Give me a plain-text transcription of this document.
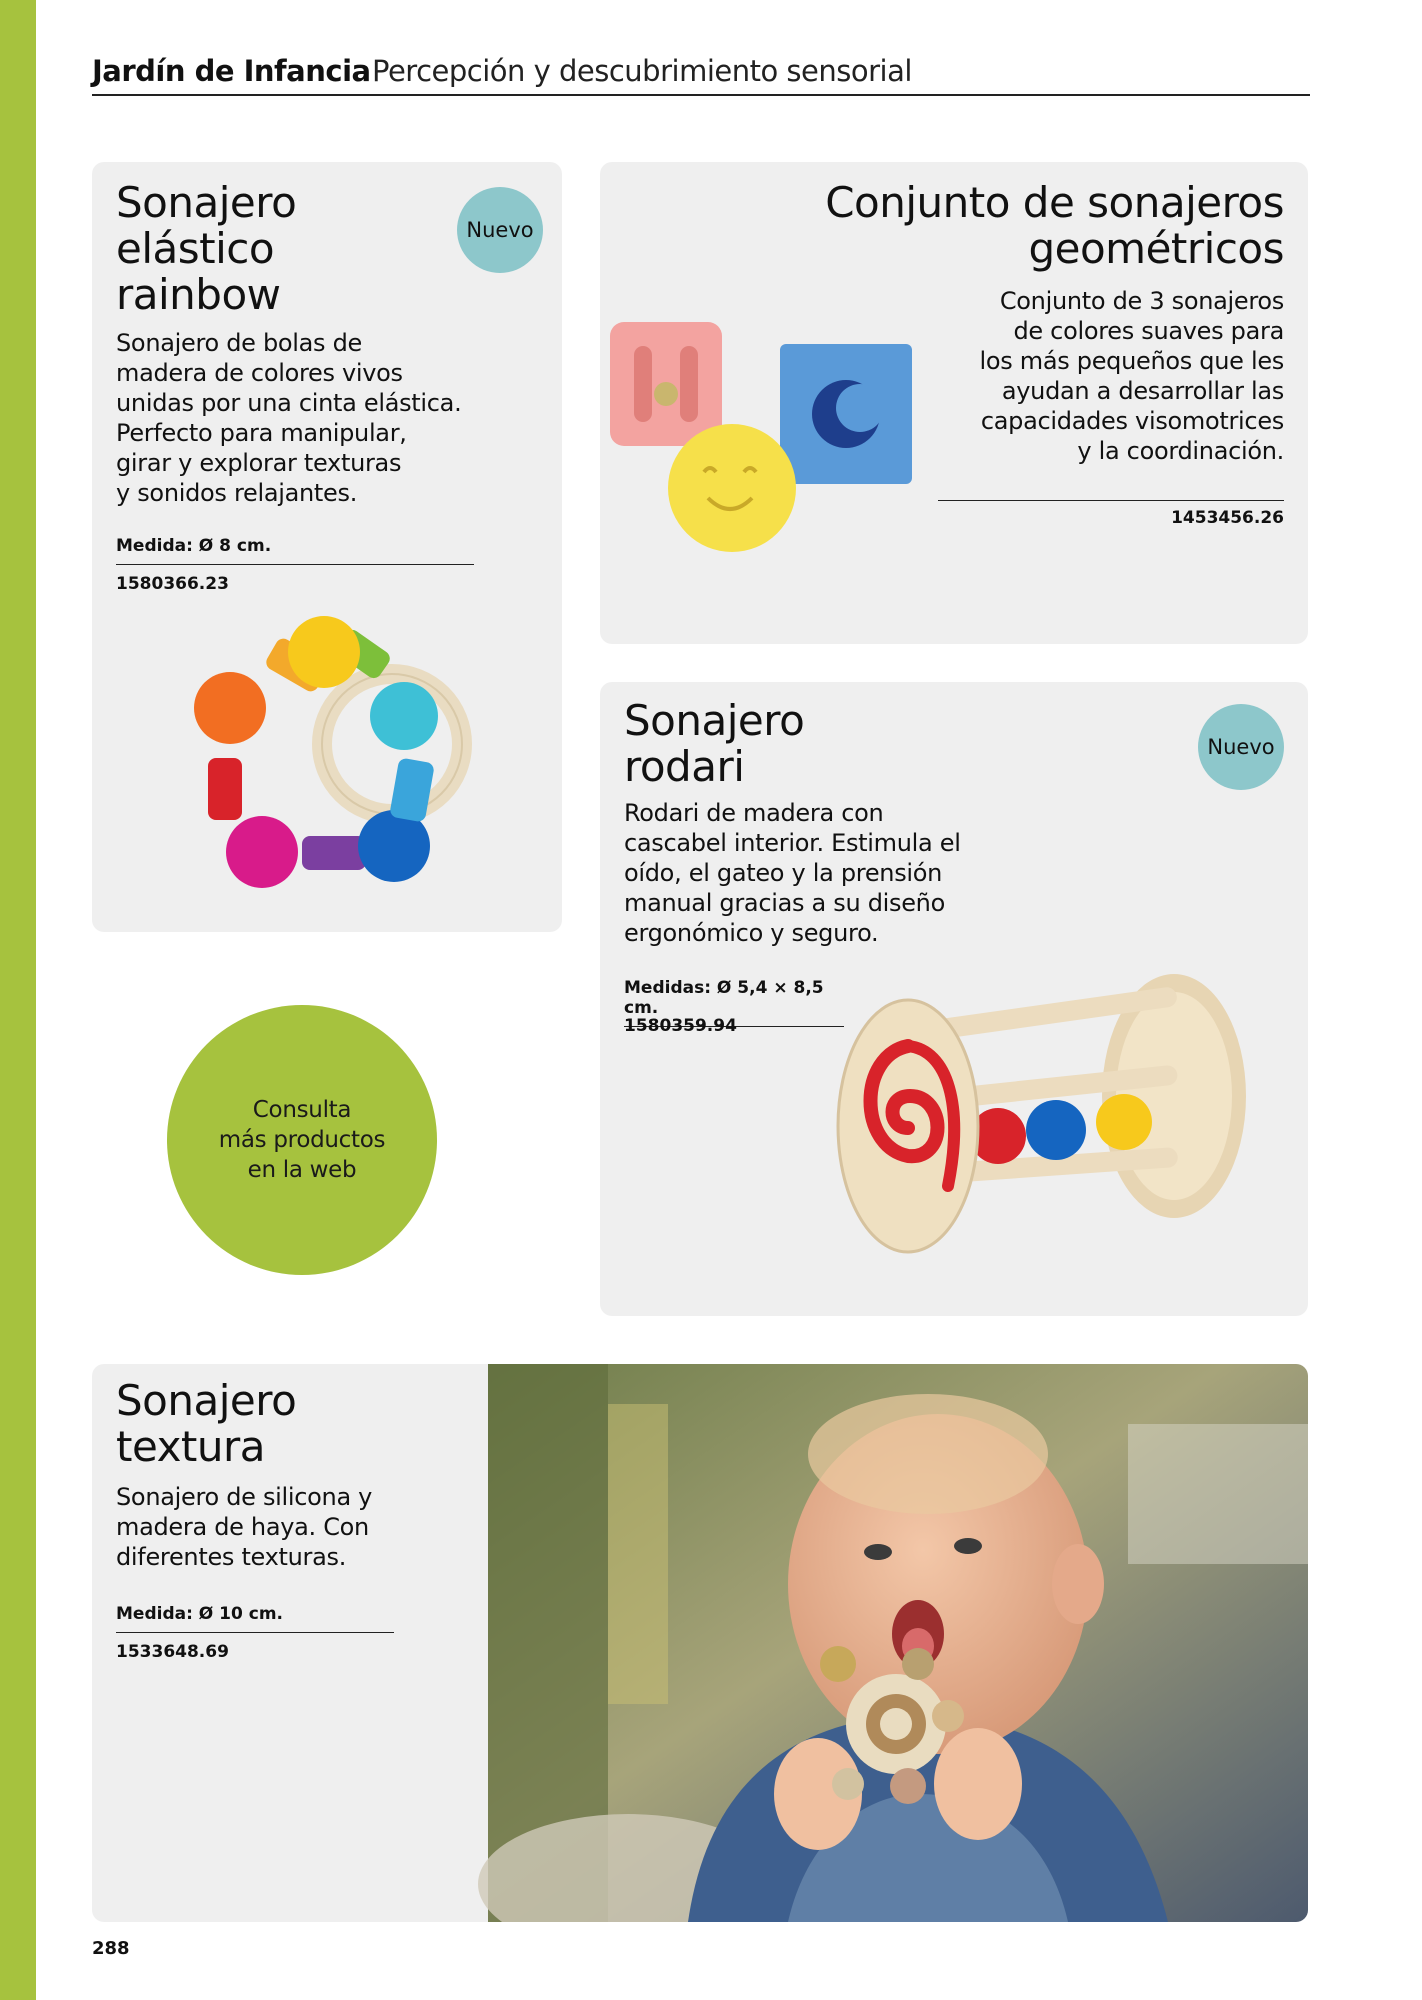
Jardín de Infancia Percepción y descubrimiento sensorial
Sonajero
elástico
rainbow
Nuevo
Sonajero de bolas de
madera de colores vivos
unidas por una cinta elástica.
Perfecto para manipular,
girar y explorar texturas
y sonidos relajantes.
Medida: Ø 8 cm.
1580366.23
Conjunto de sonajeros
geométricos
Conjunto de 3 sonajeros
de colores suaves para
los más pequeños que les
ayudan a desarrollar las
capacidades visomotrices
y la coordinación.
1453456.26
Sonajero
rodari	Nuevo
Rodari de madera con
cascabel interior. Estimula el
oído, el gateo y la prensión
manual gracias a su diseño
ergonómico y seguro.
Medidas: Ø 5,4 × 8,5 cm.
1580359.94
Consulta
más productos
en la web
Sonajero
textura
Sonajero de silicona y
madera de haya. Con
diferentes texturas.
Medida: Ø 10 cm.
1533648.69
288
